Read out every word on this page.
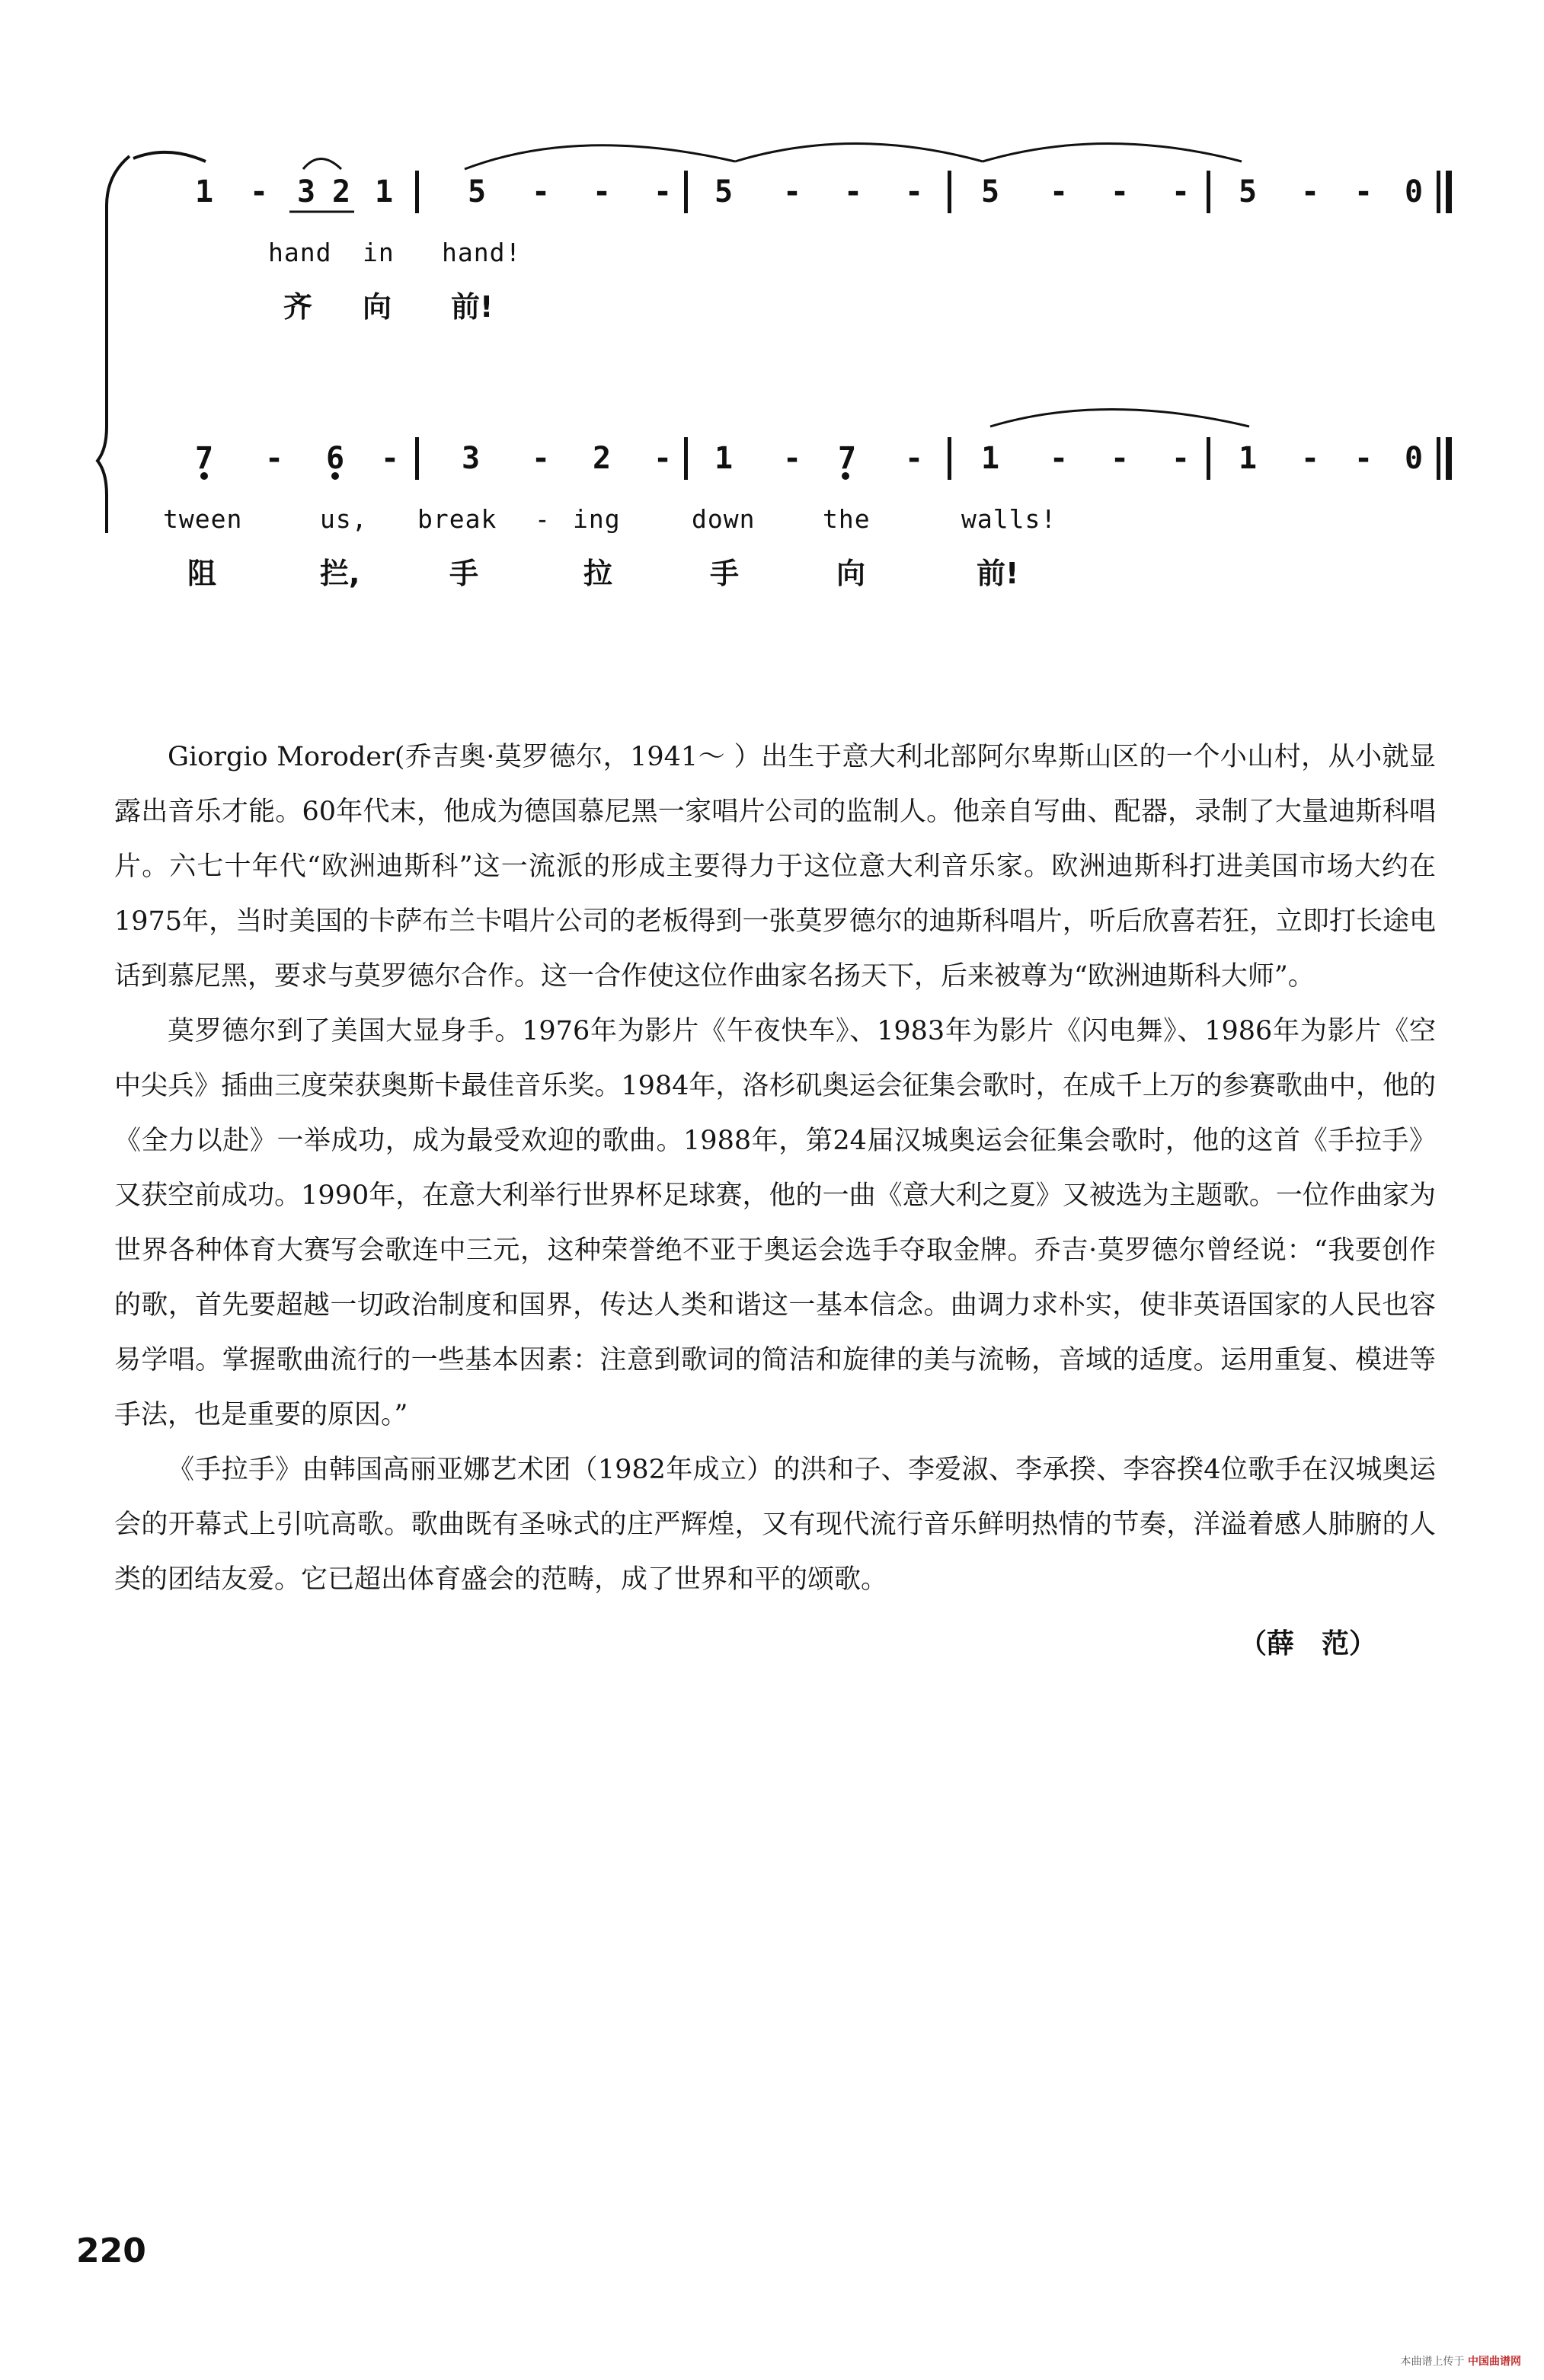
1 - 3 2 1 5 - - - 5 - - - 5 - - - 5 - - 0
hand in hand!
齐 向 前!
7 - 6 - 3 - 2 - 1 - 7 - 1 - - - 1 - - 0
tween	us, break - ing	down	the	walls!
阻	拦,	手	拉	手	向	前!

Giorgio Moroder(乔吉奥·莫罗德尔，1941～ ）出生于意大利北部阿尔卑斯山区的一个小山村，从小就显露出音乐才能。60年代末，他成为德国慕尼黑一家唱片公司的监制人。他亲自写曲、配器，录制了大量迪斯科唱片。六七十年代“欧洲迪斯科”这一流派的形成主要得力于这位意大利音乐家。欧洲迪斯科打进美国市场大约在1975年，当时美国的卡萨布兰卡唱片公司的老板得到一张莫罗德尔的迪斯科唱片，听后欣喜若狂，立即打长途电话到慕尼黑，要求与莫罗德尔合作。这一合作使这位作曲家名扬天下，后来被尊为“欧洲迪斯科大师”。

莫罗德尔到了美国大显身手。1976年为影片《午夜快车》、1983年为影片《闪电舞》、1986年为影片《空中尖兵》插曲三度荣获奥斯卡最佳音乐奖。1984年，洛杉矶奥运会征集会歌时，在成千上万的参赛歌曲中，他的《全力以赴》一举成功，成为最受欢迎的歌曲。1988年，第24届汉城奥运会征集会歌时，他的这首《手拉手》又获空前成功。1990年，在意大利举行世界杯足球赛，他的一曲《意大利之夏》又被选为主题歌。一位作曲家为世界各种体育大赛写会歌连中三元，这种荣誉绝不亚于奥运会选手夺取金牌。乔吉·莫罗德尔曾经说：“我要创作的歌，首先要超越一切政治制度和国界，传达人类和谐这一基本信念。曲调力求朴实，使非英语国家的人民也容易学唱。掌握歌曲流行的一些基本因素：注意到歌词的简洁和旋律的美与流畅，音域的适度。运用重复、模进等手法，也是重要的原因。”

《手拉手》由韩国高丽亚娜艺术团（1982年成立）的洪和子、李爱淑、李承揆、李容揆4位歌手在汉城奥运会的开幕式上引吭高歌。歌曲既有圣咏式的庄严辉煌，又有现代流行音乐鲜明热情的节奏，洋溢着感人肺腑的人类的团结友爱。它已超出体育盛会的范畴，成了世界和平的颂歌。

（薛　范）
220
本曲谱上传于 中国曲谱网
